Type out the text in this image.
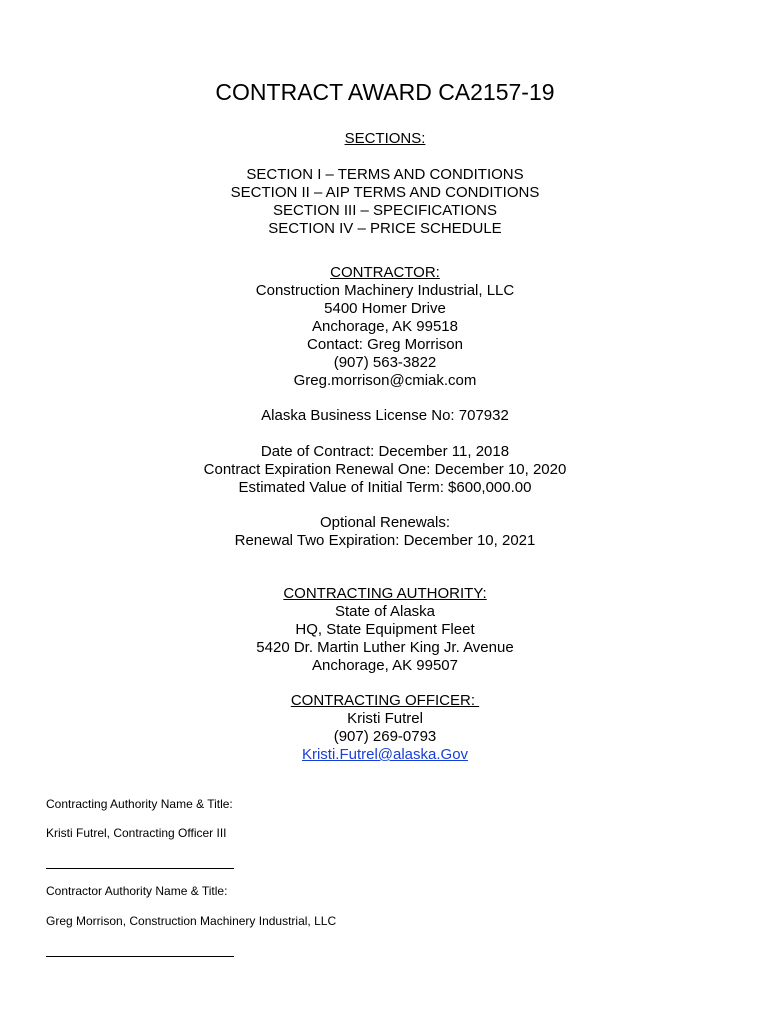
CONTRACT AWARD CA2157-19
SECTIONS:
SECTION I – TERMS AND CONDITIONS
SECTION II – AIP TERMS AND CONDITIONS
SECTION III – SPECIFICATIONS
SECTION IV – PRICE SCHEDULE
CONTRACTOR:
Construction Machinery Industrial, LLC
5400 Homer Drive
Anchorage, AK 99518
Contact: Greg Morrison
(907) 563-3822
Greg.morrison@cmiak.com
Alaska Business License No: 707932
Date of Contract: December 11, 2018
Contract Expiration Renewal One: December 10, 2020
Estimated Value of Initial Term: $600,000.00
Optional Renewals:
Renewal Two Expiration: December 10, 2021
CONTRACTING AUTHORITY:
State of Alaska
HQ, State Equipment Fleet
5420 Dr. Martin Luther King Jr. Avenue
Anchorage, AK 99507
CONTRACTING OFFICER:
Kristi Futrel
(907) 269-0793
Kristi.Futrel@alaska.Gov
Contracting Authority Name & Title:
Kristi Futrel, Contracting Officer III
Contractor Authority Name & Title:
Greg Morrison, Construction Machinery Industrial, LLC
